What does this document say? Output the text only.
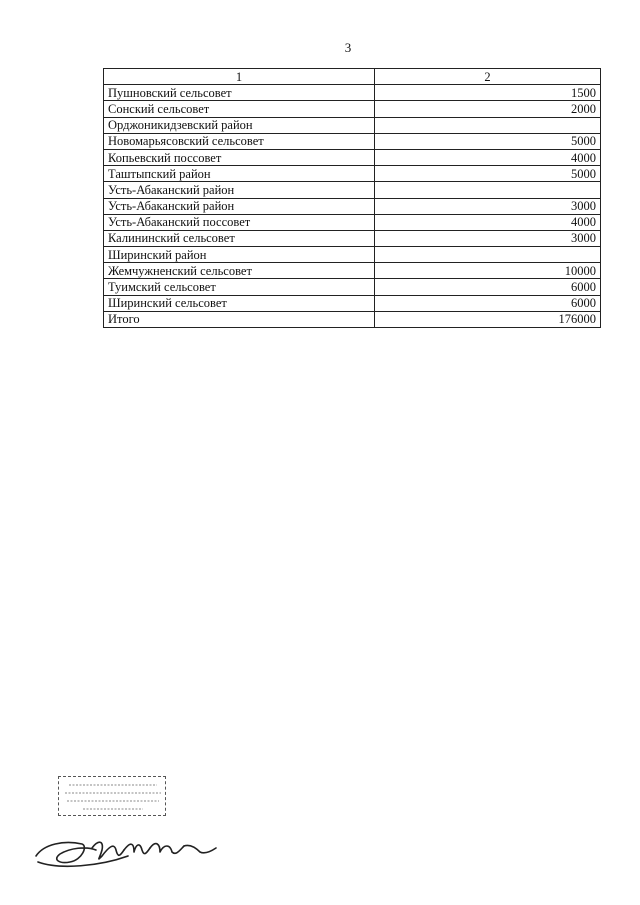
3
1	2
Пушновский сельсовет	1500
Сонский сельсовет	2000
Орджоникидзевский район	
Новомарьясовский сельсовет	5000
Копьевский поссовет	4000
Таштыпский район	5000
Усть-Абаканский район	
Усть-Абаканский район	3000
Усть-Абаканский поссовет	4000
Калининский сельсовет	3000
Ширинский район	
Жемчужненский сельсовет	10000
Туимский сельсовет	6000
Ширинский сельсовет	6000
Итого	176000
